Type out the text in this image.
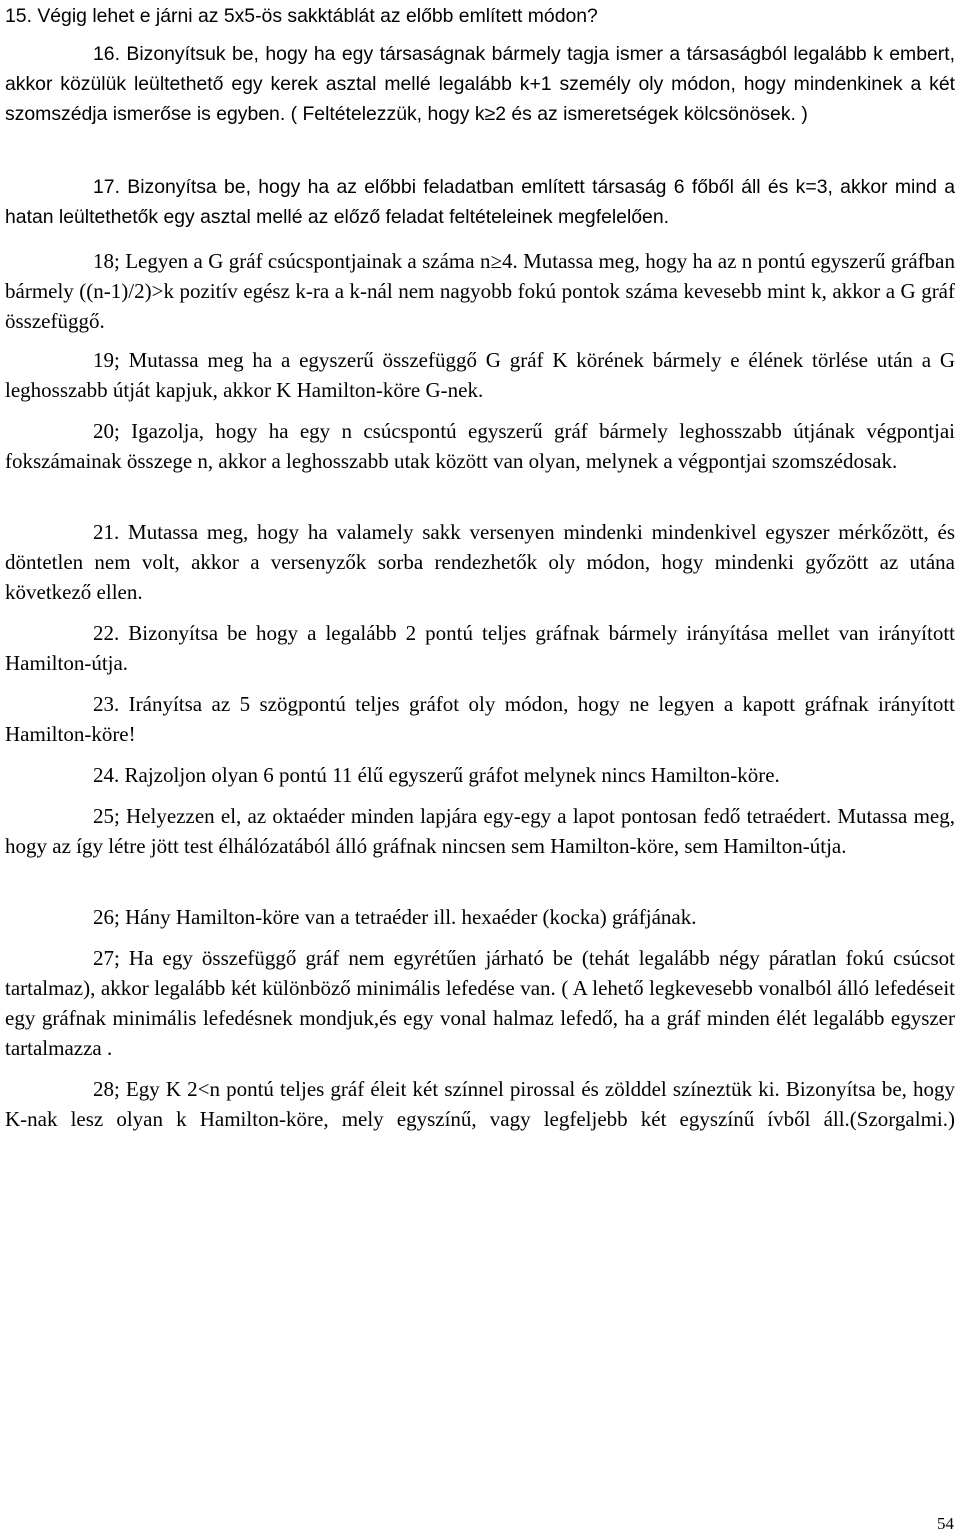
15. Végig lehet e járni az 5x5-ös sakktáblát az előbb említett módon?

16. Bizonyítsuk be, hogy ha egy társaságnak bármely tagja ismer a társaságból legalább k embert, akkor közülük leültethető egy kerek asztal mellé legalább k+1 személy oly módon, hogy mindenkinek a két szomszédja ismerőse is egyben. ( Feltételezzük, hogy k≥2 és az ismeretségek kölcsönösek. )

17. Bizonyítsa be, hogy ha az előbbi feladatban említett társaság 6 főből áll és k=3, akkor mind a hatan leültethetők egy asztal mellé az előző feladat feltételeinek megfelelően.

18; Legyen a G gráf csúcspontjainak a száma n≥4. Mutassa meg, hogy ha az n pontú egyszerű gráfban bármely ((n-1)/2)>k pozitív egész k-ra a k-nál nem nagyobb fokú pontok száma kevesebb mint k, akkor a G gráf összefüggő.

19; Mutassa meg ha a egyszerű összefüggő G gráf K körének bármely e élének törlése után a G leghosszabb útját kapjuk, akkor K Hamilton-köre G-nek.

20; Igazolja, hogy ha egy n csúcspontú egyszerű gráf bármely leghosszabb útjának végpontjai fokszámainak összege n, akkor a leghosszabb utak között van olyan, melynek a végpontjai szomszédosak.

21. Mutassa meg, hogy ha valamely sakk versenyen mindenki mindenkivel egyszer mérkőzött, és döntetlen nem volt, akkor a versenyzők sorba rendezhetők oly módon, hogy mindenki győzött az utána következő ellen.

22. Bizonyítsa be hogy a legalább 2 pontú teljes gráfnak bármely irányítása mellet van irányított Hamilton-útja.

23. Irányítsa az 5 szögpontú teljes gráfot oly módon, hogy ne legyen a kapott gráfnak irányított Hamilton-köre!

24. Rajzoljon olyan 6 pontú 11 élű egyszerű gráfot melynek nincs Hamilton-köre.

25; Helyezzen el, az oktaéder minden lapjára egy-egy a lapot pontosan fedő tetraédert. Mutassa meg, hogy az így létre jött test élhálózatából álló gráfnak nincsen sem Hamilton-köre, sem Hamilton-útja.

26; Hány Hamilton-köre van a tetraéder ill. hexaéder (kocka) gráfjának.

27; Ha egy összefüggő gráf nem egyrétűen járható be (tehát legalább négy páratlan fokú csúcsot tartalmaz), akkor legalább két különböző minimális lefedése van. ( A lehető legkevesebb vonalból álló lefedéseit egy gráfnak minimális lefedésnek mondjuk,és egy vonal halmaz lefedő, ha a gráf minden élét legalább egyszer tartalmazza .

28; Egy K 2<n pontú teljes gráf éleit két színnel pirossal és zölddel színeztük ki. Bizonyítsa be, hogy K-nak lesz olyan k Hamilton-köre, mely egyszínű, vagy legfeljebb két egyszínű ívből áll.(Szorgalmi.)

54
